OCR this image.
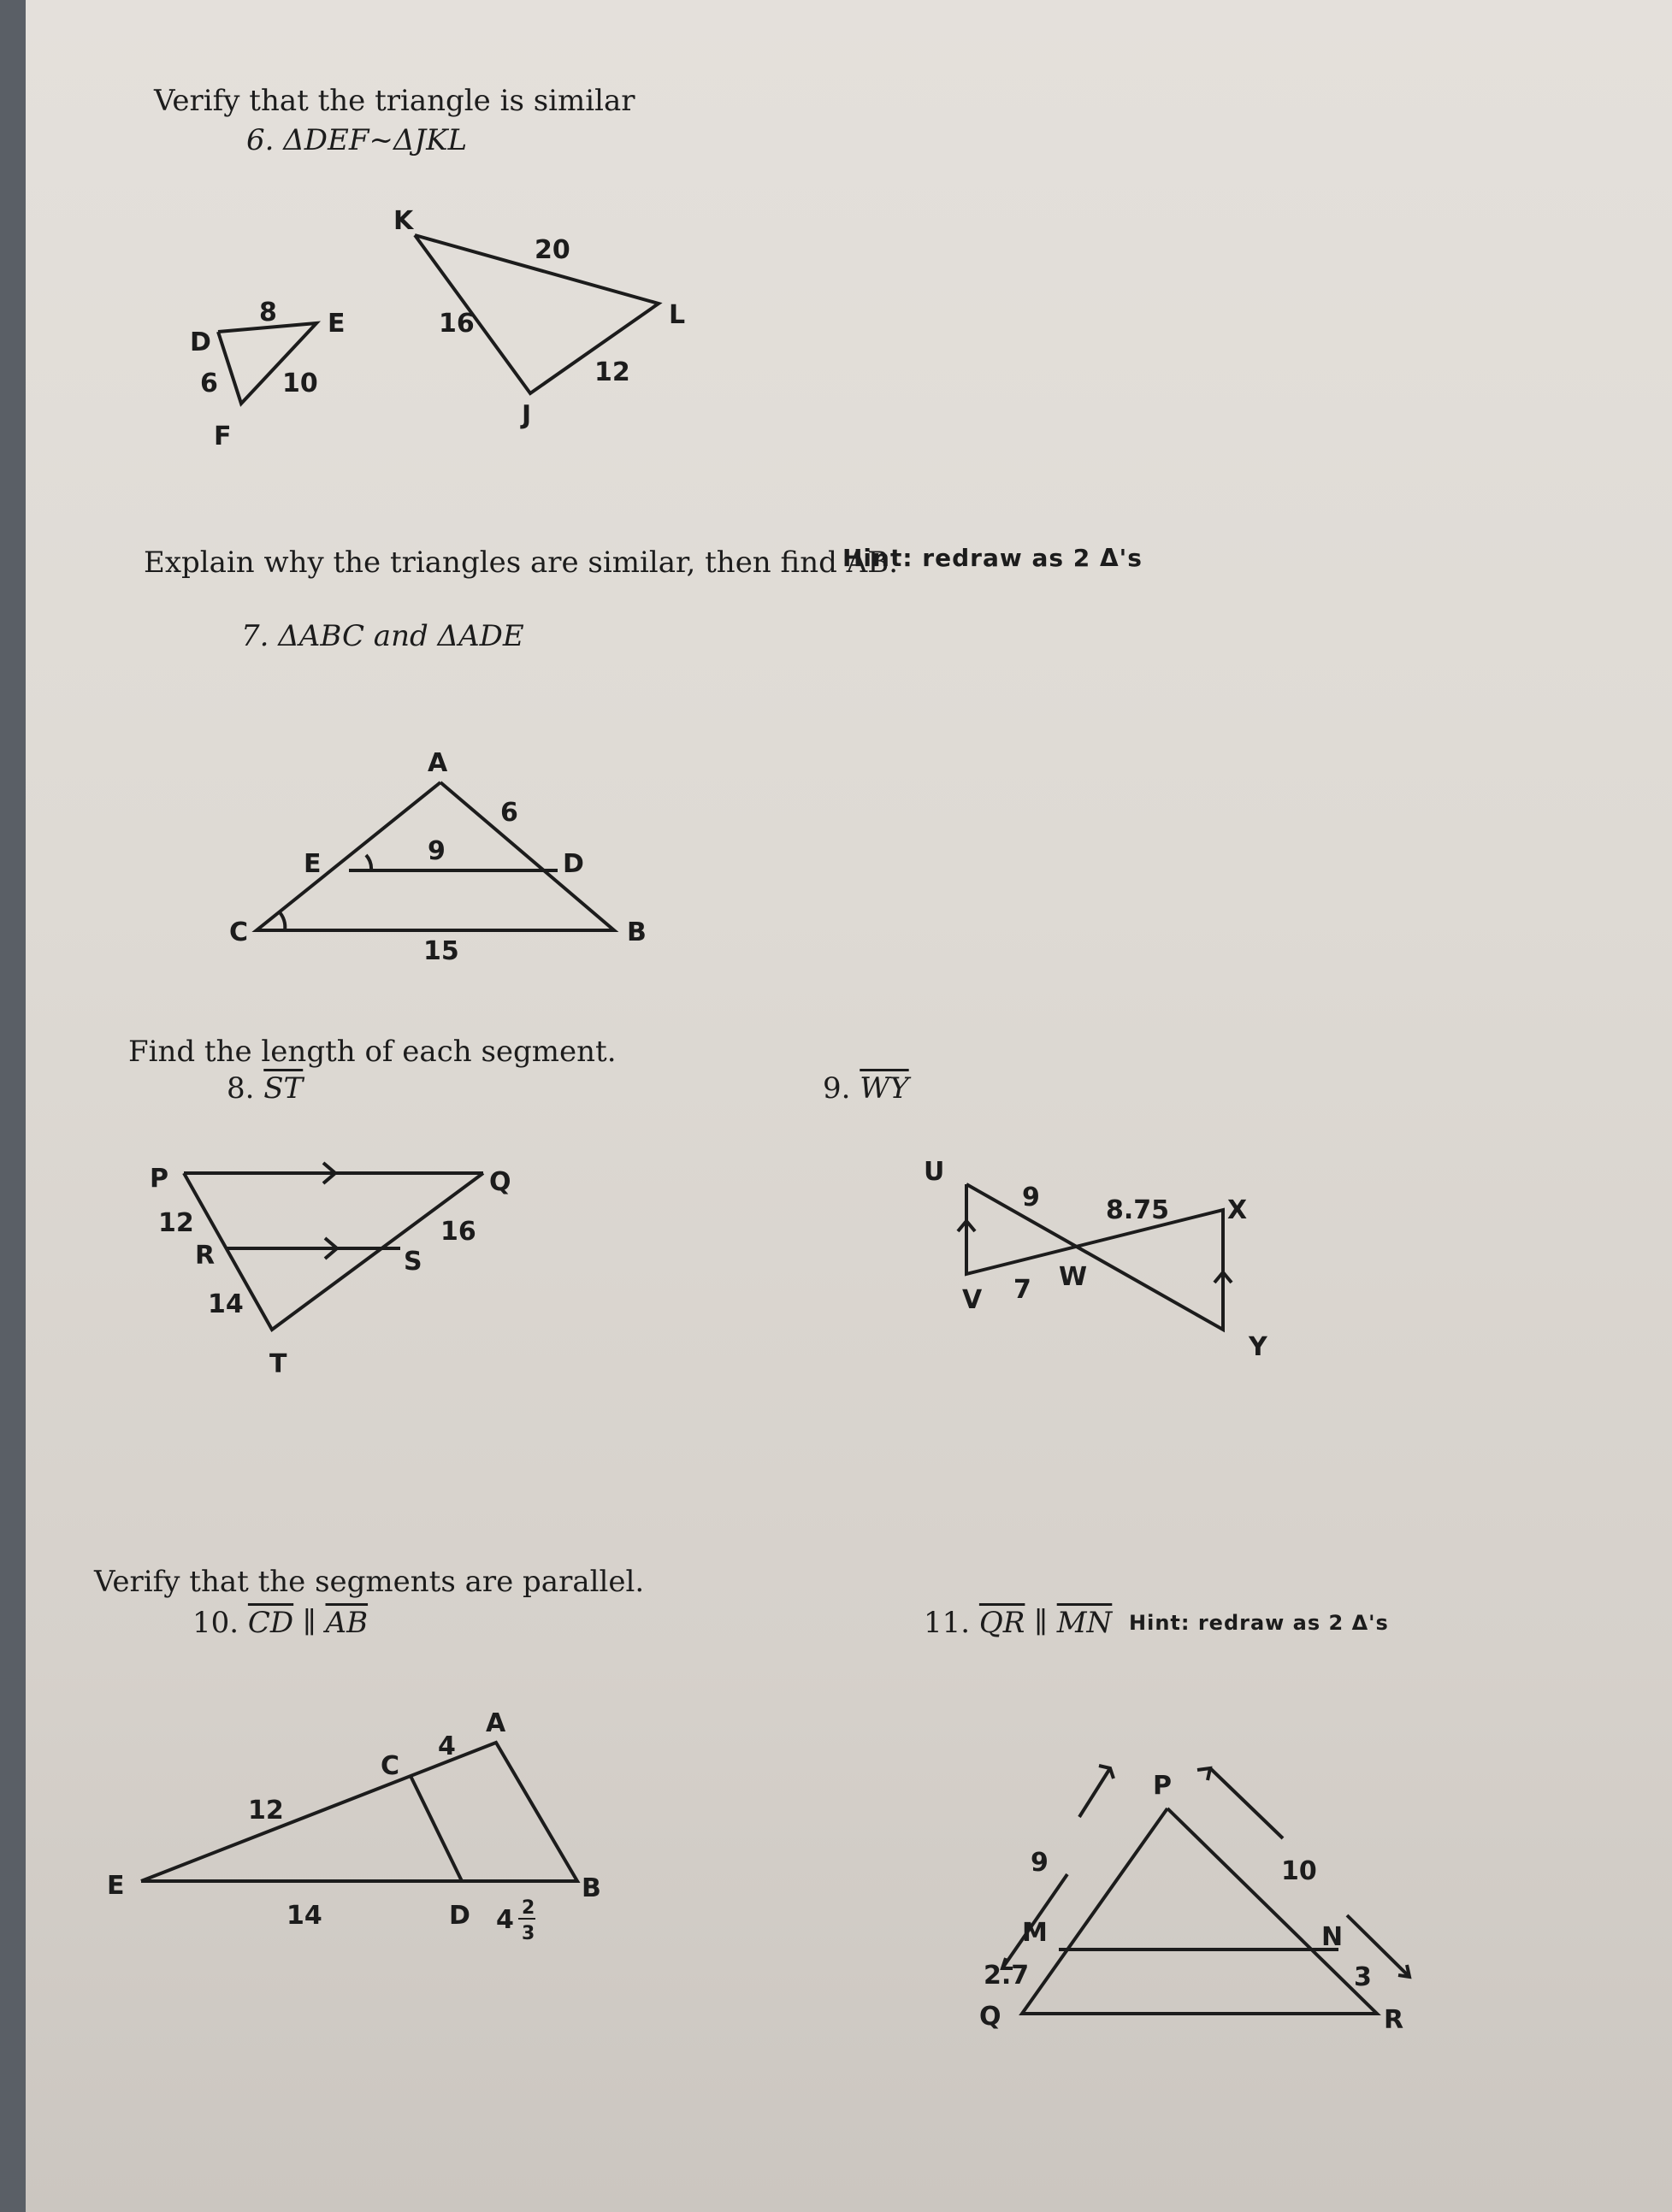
Verify that the triangle is similar
6. ΔDEF~ΔJKL
D
E
F
8
6	10
K
L
J
20
16
12
A
E	D
C	B
6
9
15
P	Q
R	S
T
12
14
16
U
V
W
X
Y
9
7
8.75
A
C
E
D
B
4
12
14	4 2
3
P
M	N
Q	R
9	10
2.7	3
Explain why the triangles are similar, then find AB.
Hint: redraw as 2 Δ's
7. ΔABC and ΔADE
Find the length of each segment.
8. $\overline{ST}$	9. $\overline{WY}$
Verify that the segments are parallel.
10. $\overline{CD}$ ∥ $\overline{AB}$	11. $\overline{QR}$ ∥ $\overline{MN}$ Hint: redraw as 2 Δ's
